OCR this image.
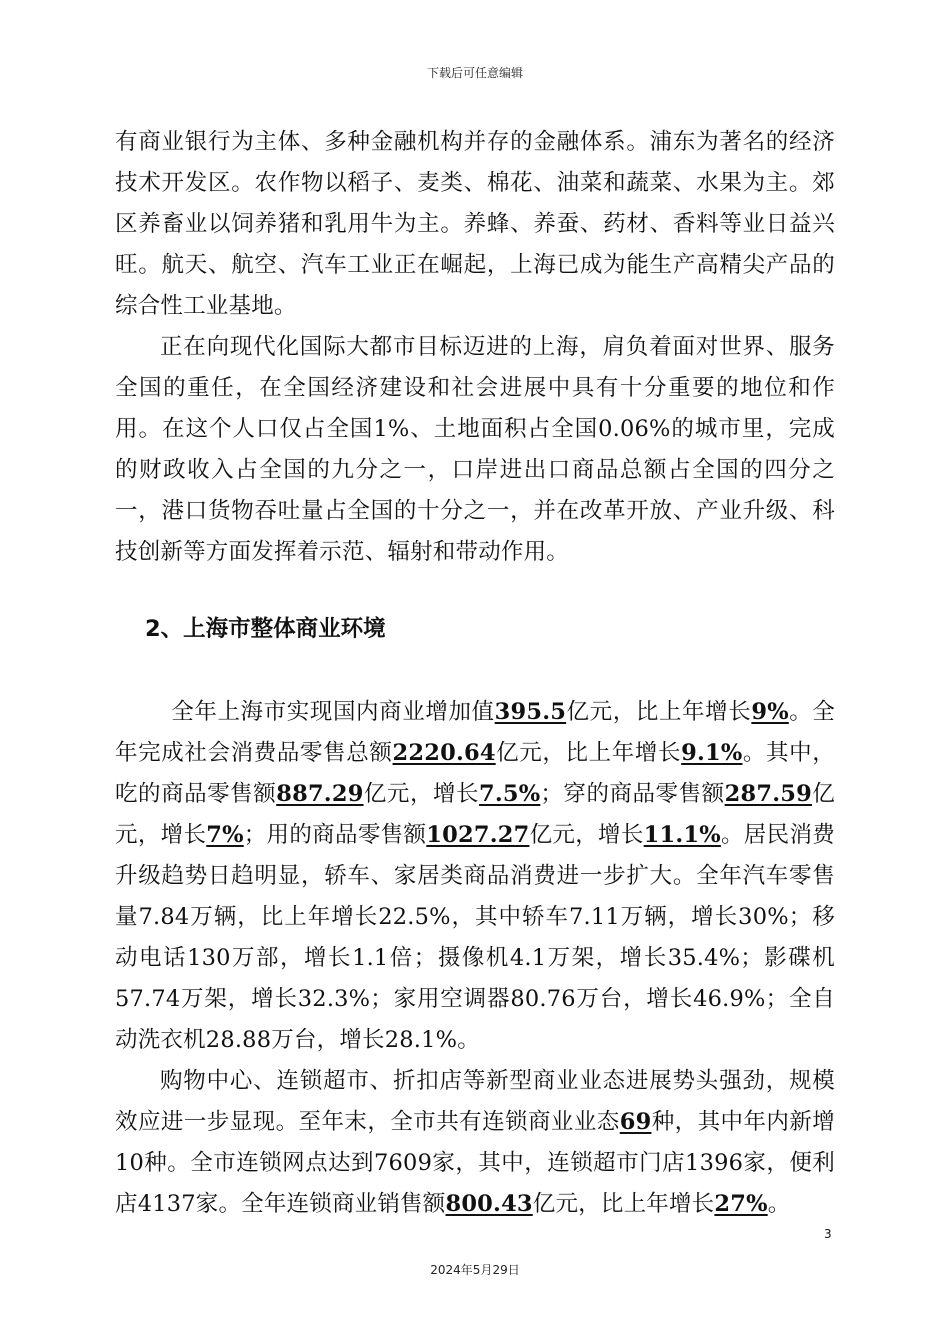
下载后可任意编辑

有商业银行为主体、多种金融机构并存的金融体系。浦东为著名的经济技术开发区。农作物以稻子、麦类、棉花、油菜和蔬菜、水果为主。郊区养畜业以饲养猪和乳用牛为主。养蜂、养蚕、药材、香料等业日益兴旺。航天、航空、汽车工业正在崛起，上海已成为能生产高精尖产品的综合性工业基地。

正在向现代化国际大都市目标迈进的上海，肩负着面对世界、服务全国的重任，在全国经济建设和社会进展中具有十分重要的地位和作用。在这个人口仅占全国1%、土地面积占全国0.06%的城市里，完成的财政收入占全国的九分之一，口岸进出口商品总额占全国的四分之一，港口货物吞吐量占全国的十分之一，并在改革开放、产业升级、科技创新等方面发挥着示范、辐射和带动作用。

2、上海市整体商业环境

全年上海市实现国内商业增加值395.5亿元，比上年增长9%。全年完成社会消费品零售总额2220.64亿元，比上年增长9.1%。其中，吃的商品零售额887.29亿元，增长7.5%；穿的商品零售额287.59亿元，增长7%；用的商品零售额1027.27亿元，增长11.1%。居民消费升级趋势日趋明显，轿车、家居类商品消费进一步扩大。全年汽车零售量7.84万辆，比上年增长22.5%，其中轿车7.11万辆，增长30%；移动电话130万部，增长1.1倍；摄像机4.1万架，增长35.4%；影碟机57.74万架，增长32.3%；家用空调器80.76万台，增长46.9%；全自动洗衣机28.88万台，增长28.1%。

购物中心、连锁超市、折扣店等新型商业业态进展势头强劲，规模效应进一步显现。至年末，全市共有连锁商业业态69种，其中年内新增10种。全市连锁网点达到7609家，其中，连锁超市门店1396家，便利店4137家。全年连锁商业销售额800.43亿元，比上年增长27%。

3
2024年5月29日
